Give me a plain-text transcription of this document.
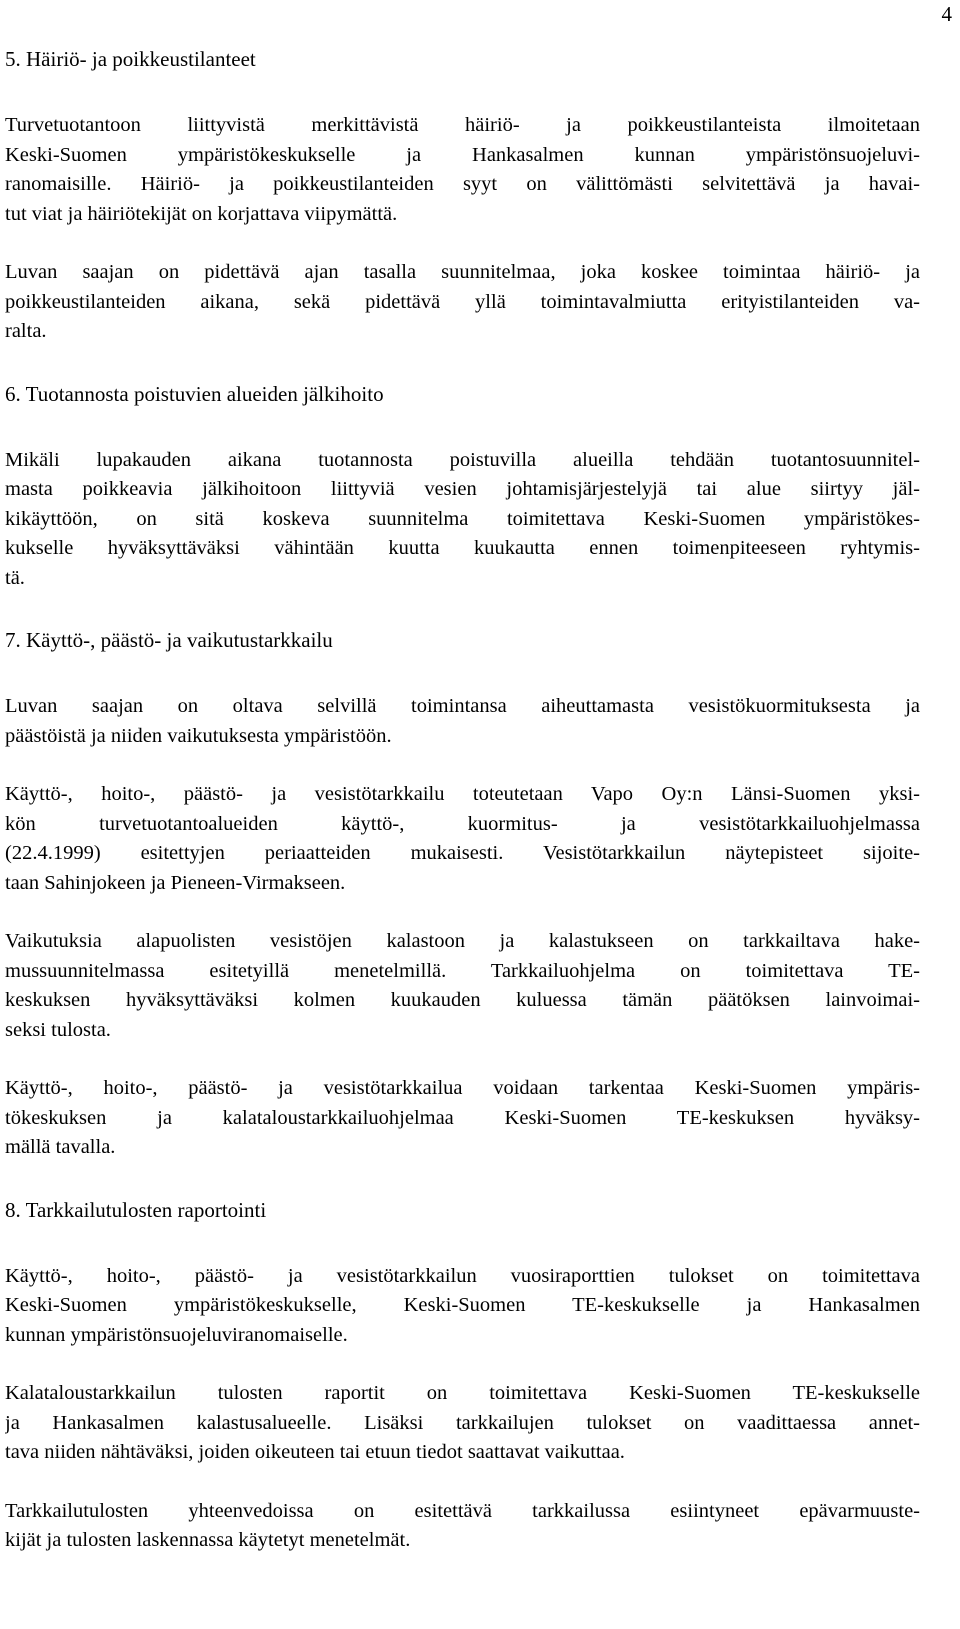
4
5. Häiriö- ja poikkeustilanteet
Turvetuotantoon liittyvistä merkittävistä häiriö- ja poikkeustilanteista ilmoitetaan
Keski-Suomen ympäristökeskukselle ja Hankasalmen kunnan ympäristönsuojeluvi-
ranomaisille. Häiriö- ja poikkeustilanteiden syyt on välittömästi selvitettävä ja havai-
tut viat ja häiriötekijät on korjattava viipymättä.
Luvan saajan on pidettävä ajan tasalla suunnitelmaa, joka koskee toimintaa häiriö- ja
poikkeustilanteiden aikana, sekä pidettävä yllä toimintavalmiutta erityistilanteiden va-
ralta.
6. Tuotannosta poistuvien alueiden jälkihoito
Mikäli lupakauden aikana tuotannosta poistuvilla alueilla tehdään tuotantosuunnitel-
masta poikkeavia jälkihoitoon liittyviä vesien johtamisjärjestelyjä tai alue siirtyy jäl-
kikäyttöön, on sitä koskeva suunnitelma toimitettava Keski-Suomen ympäristökes-
kukselle hyväksyttäväksi vähintään kuutta kuukautta ennen toimenpiteeseen ryhtymis-
tä.
7. Käyttö-, päästö- ja vaikutustarkkailu
Luvan saajan on oltava selvillä toimintansa aiheuttamasta vesistökuormituksesta ja
päästöistä ja niiden vaikutuksesta ympäristöön.
Käyttö-, hoito-, päästö- ja vesistötarkkailu toteutetaan Vapo Oy:n Länsi-Suomen yksi-
kön turvetuotantoalueiden käyttö-, kuormitus- ja vesistötarkkailuohjelmassa
(22.4.1999) esitettyjen periaatteiden mukaisesti. Vesistötarkkailun näytepisteet sijoite-
taan Sahinjokeen ja Pieneen-Virmakseen.
Vaikutuksia alapuolisten vesistöjen kalastoon ja kalastukseen on tarkkailtava hake-
mussuunnitelmassa esitetyillä menetelmillä. Tarkkailuohjelma on toimitettava TE-
keskuksen hyväksyttäväksi kolmen kuukauden kuluessa tämän päätöksen lainvoimai-
seksi tulosta.
Käyttö-, hoito-, päästö- ja vesistötarkkailua voidaan tarkentaa Keski-Suomen ympäris-
tökeskuksen ja kalataloustarkkailuohjelmaa Keski-Suomen TE-keskuksen hyväksy-
mällä tavalla.
8. Tarkkailutulosten raportointi
Käyttö-, hoito-, päästö- ja vesistötarkkailun vuosiraporttien tulokset on toimitettava
Keski-Suomen ympäristökeskukselle, Keski-Suomen TE-keskukselle ja Hankasalmen
kunnan ympäristönsuojeluviranomaiselle.
Kalataloustarkkailun tulosten raportit on toimitettava Keski-Suomen TE-keskukselle
ja Hankasalmen kalastusalueelle. Lisäksi tarkkailujen tulokset on vaadittaessa annet-
tava niiden nähtäväksi, joiden oikeuteen tai etuun tiedot saattavat vaikuttaa.
Tarkkailutulosten yhteenvedoissa on esitettävä tarkkailussa esiintyneet epävarmuuste-
kijät ja tulosten laskennassa käytetyt menetelmät.
